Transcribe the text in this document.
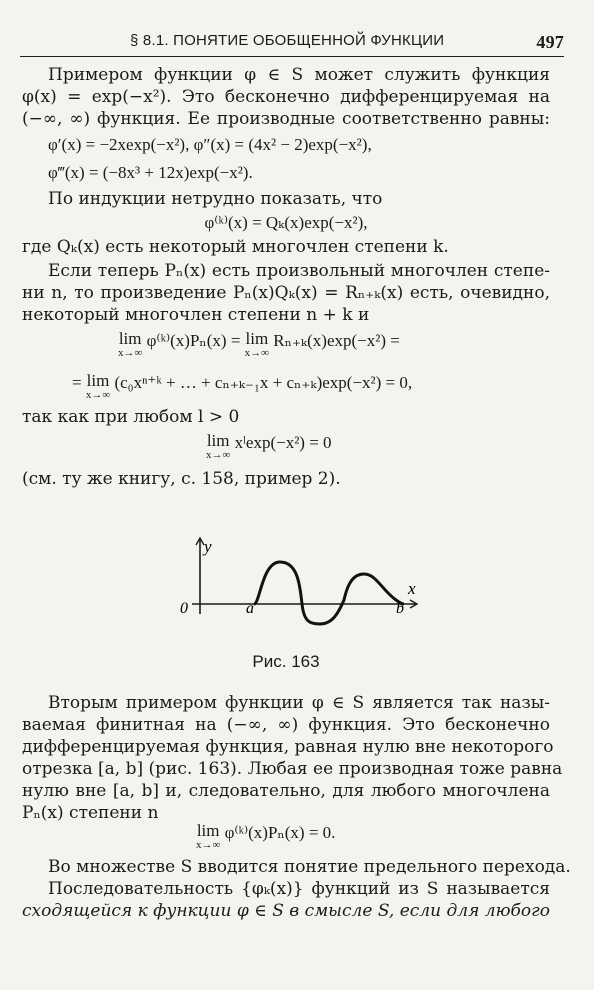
§ 8.1. ПОНЯТИЕ ОБОБЩЕННОЙ ФУНКЦИИ	497
Примером функции φ ∈ S может служить функция
φ(x) = exp(−x²). Это бесконечно дифференцируемая на
(−∞, ∞) функция. Ее производные соответственно равны:
φ′(x) = −2xexp(−x²), φ″(x) = (4x² − 2)exp(−x²),
φ‴(x) = (−8x³ + 12x)exp(−x²).
По индукции нетрудно показать, что
φ⁽ᵏ⁾(x) = Qₖ(x)exp(−x²),
где Qₖ(x) есть некоторый многочлен степени k.
Если теперь Pₙ(x) есть произвольный многочлен степе-
ни n, то произведение Pₙ(x)Qₖ(x) = Rₙ₊ₖ(x) есть, очевидно,
некоторый многочлен степени n + k и
lim
x→∞
φ⁽ᵏ⁾(x)Pₙ(x) = lim
x→∞
Rₙ₊ₖ(x)exp(−x²) =
= lim
x→∞
(c₀xⁿ⁺ᵏ + … + cₙ₊ₖ₋₁x + cₙ₊ₖ)exp(−x²) = 0,
так как при любом l > 0
lim
x→∞
xˡexp(−x²) = 0
(см. ту же книгу, с. 158, пример 2).
y
x
0	a	b
Рис. 163
Вторым примером функции φ ∈ S является так назы-
ваемая финитная на (−∞, ∞) функция. Это бесконечно
дифференцируемая функция, равная нулю вне некоторого
отрезка [a, b] (рис. 163). Любая ее производная тоже равна
нулю вне [a, b] и, следовательно, для любого многочлена
Pₙ(x) степени n
lim
x→∞
φ⁽ᵏ⁾(x)Pₙ(x) = 0.
Во множестве S вводится понятие предельного перехода.
Последовательность {φₖ(x)} функций из S называется
сходящейся к функции φ ∈ S в смысле S, если для любого
